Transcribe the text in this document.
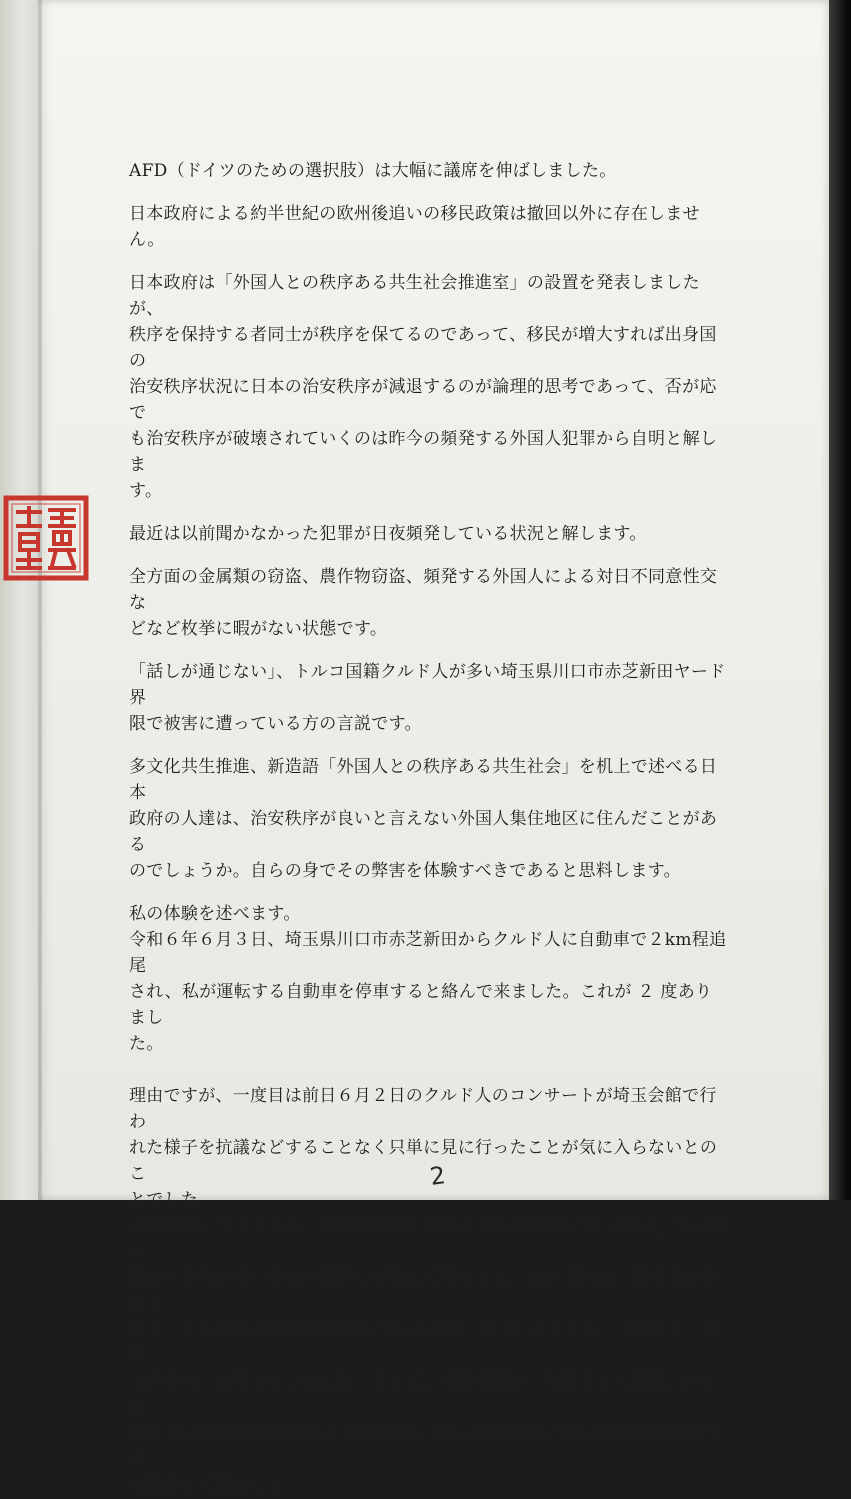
AFD（ドイツのための選択肢）は大幅に議席を伸ばしました。

日本政府による約半世紀の欧州後追いの移民政策は撤回以外に存在しません。

日本政府は「外国人との秩序ある共生社会推進室」の設置を発表しましたが、
秩序を保持する者同士が秩序を保てるのであって、移民が増大すれば出身国の
治安秩序状況に日本の治安秩序が減退するのが論理的思考であって、否が応で
も治安秩序が破壊されていくのは昨今の頻発する外国人犯罪から自明と解しま
す。

最近は以前聞かなかった犯罪が日夜頻発している状況と解します。

全方面の金属類の窃盗、農作物窃盗、頻発する外国人による対日不同意性交な
どなど枚挙に暇がない状態です。

「話しが通じない」、トルコ国籍クルド人が多い埼玉県川口市赤芝新田ヤード界
限で被害に遭っている方の言説です。

多文化共生推進、新造語「外国人との秩序ある共生社会」を机上で述べる日本
政府の人達は、治安秩序が良いと言えない外国人集住地区に住んだことがある
のでしょうか。自らの身でその弊害を体験すべきであると思料します。

私の体験を述べます。
令和６年６月３日、埼玉県川口市赤芝新田からクルド人に自動車で２km程追尾
され、私が運転する自動車を停車すると絡んで来ました。これが ２ 度ありまし
た。

理由ですが、一度目は前日６月２日のクルド人のコンサートが埼玉会館で行わ
れた様子を抗議などすることなく只単に見に行ったことが気に入らないとのこ
とでした。
二度目は、クルド人が「会社を撮影しただろ（私は撮影していない）」との言い
掛かりを付けていきなり撮影して絡んで来ました。この人物は「日本人に学ばせ
せる」との発言をSNS動画でしていたので「どういうことか」と聞くと「日本
人が学べ」と言っていました。そして、川口市道と「川口さくら霊園」の土地
を自分の土地と虚偽を述べ（後判明）、それを根拠として自撮り映像を消すよう
に強要して来ました。

2
